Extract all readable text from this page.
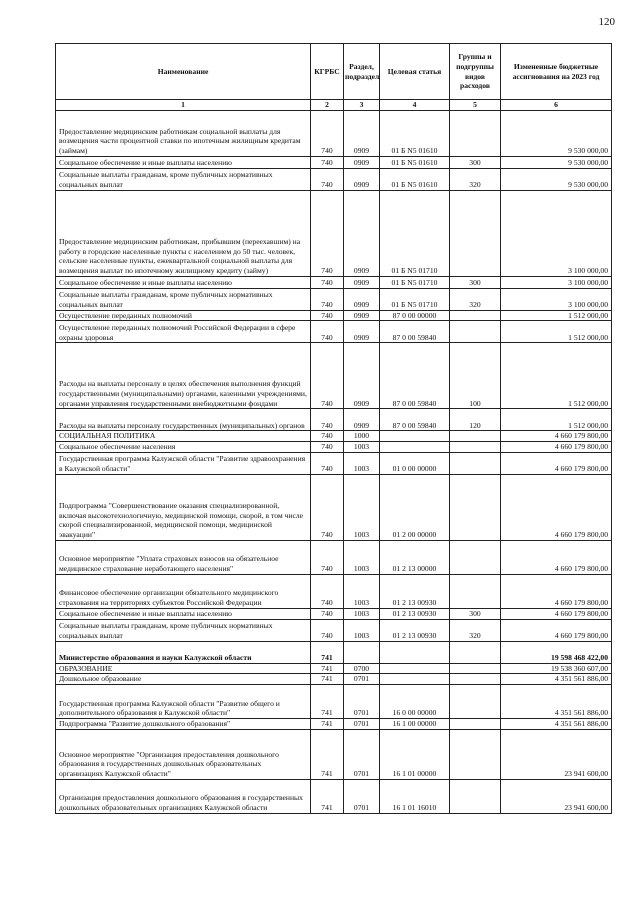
120
Наименование	КГРБС	Раздел, подраздел	Целевая статья	Группы и подгруппы видов расходов	Измененные бюджетные ассигнования на 2023 год
1	2	3	4	5	6
Предоставление медицинским работникам социальной выплаты для возмещения части процентной ставки по ипотечным жилищным кредитам (займам)	740	0909	01 Б N5 01610		9 530 000,00
Социальное обеспечение и иные выплаты населению	740	0909	01 Б N5 01610	300	9 530 000,00
Социальные выплаты гражданам, кроме публичных нормативных социальных выплат	740	0909	01 Б N5 01610	320	9 530 000,00
Предоставление медицинским работникам, прибывшим (переехавшим) на работу в городские населенные пункты с населением до 50 тыс. человек, сельские населенные пункты, ежеквартальной социальной выплаты для возмещения выплат по ипотечному жилищному кредиту (займу)	740	0909	01 Б N5 01710		3 100 000,00
Социальное обеспечение и иные выплаты населению	740	0909	01 Б N5 01710	300	3 100 000,00
Социальные выплаты гражданам, кроме публичных нормативных социальных выплат	740	0909	01 Б N5 01710	320	3 100 000,00
Осуществление переданных полномочий	740	0909	87 0 00 00000		1 512 000,00
Осуществление переданных полномочий Российской Федерации в сфере охраны здоровья	740	0909	87 0 00 59840		1 512 000,00
Расходы на выплаты персоналу в целях обеспечения выполнения функций государственными (муниципальными) органами, казенными учреждениями, органами управления государственными внебюджетными фондами	740	0909	87 0 00 59840	100	1 512 000,00
Расходы на выплаты персоналу государственных (муниципальных) органов	740	0909	87 0 00 59840	120	1 512 000,00
СОЦИАЛЬНАЯ ПОЛИТИКА	740	1000			4 660 179 800,00
Социальное обеспечение населения	740	1003			4 660 179 800,00
Государственная программа Калужской области "Развитие здравоохранения в Калужской области"	740	1003	01 0 00 00000		4 660 179 800,00
Подпрограмма "Совершенствование оказания специализированной, включая высокотехнологичную, медицинской помощи, скорой, в том числе скорой специализированной, медицинской помощи, медицинской эвакуации"	740	1003	01 2 00 00000		4 660 179 800,00
Основное мероприятие "Уплата страховых взносов на обязательное медицинское страхование неработающего населения"	740	1003	01 2 13 00000		4 660 179 800,00
Финансовое обеспечение организации обязательного медицинского страхования на территориях субъектов Российской Федерации	740	1003	01 2 13 00930		4 660 179 800,00
Социальное обеспечение и иные выплаты населению	740	1003	01 2 13 00930	300	4 660 179 800,00
Социальные выплаты гражданам, кроме публичных нормативных социальных выплат	740	1003	01 2 13 00930	320	4 660 179 800,00
Министерство образования и науки Калужской области	741				19 598 468 422,00
ОБРАЗОВАНИЕ	741	0700			19 538 360 607,00
Дошкольное образование	741	0701			4 351 561 886,00
Государственная программа Калужской области "Развитие общего и дополнительного образования в Калужской области"	741	0701	16 0 00 00000		4 351 561 886,00
Подпрограмма "Развитие дошкольного образования"	741	0701	16 1 00 00000		4 351 561 886,00
Основное мероприятие "Организация предоставления дошкольного образования в государственных дошкольных образовательных организациях Калужской области"	741	0701	16 1 01 00000		23 941 600,00
Организация предоставления дошкольного образования в государственных дошкольных образовательных организациях Калужской области	741	0701	16 1 01 16010		23 941 600,00
